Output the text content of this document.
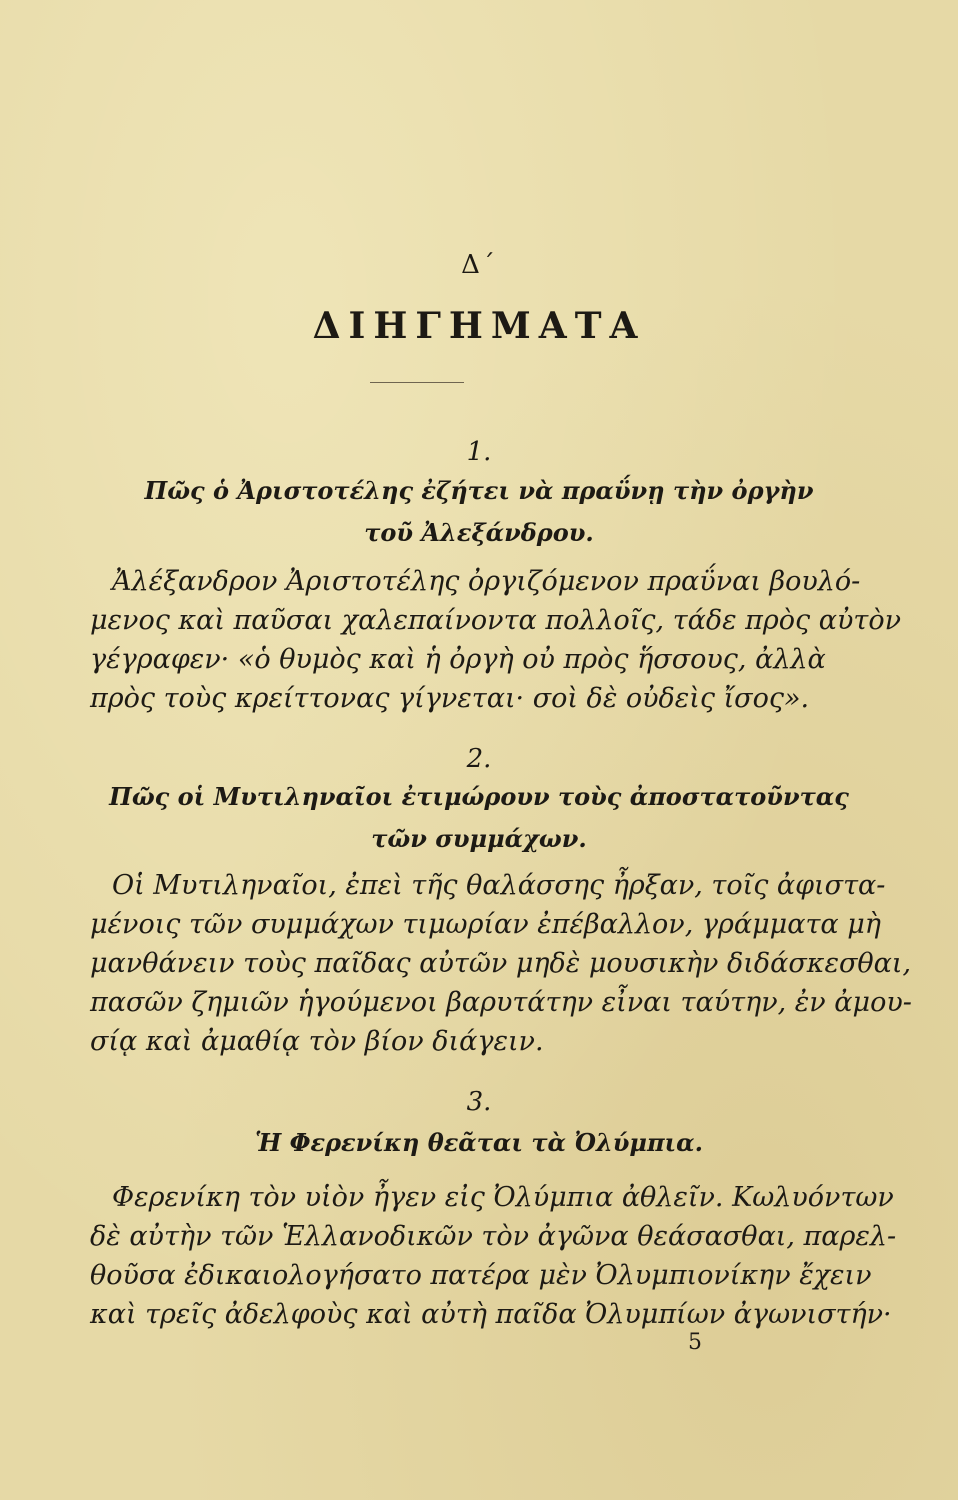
Δ΄
ΔΙΗΓΗΜΑΤΑ
1.
Πῶς ὁ Ἀριστοτέλης ἐζήτει νὰ πραΰνῃ τὴν ὀργὴν
τοῦ Ἀλεξάνδρου.
Ἀλέξανδρον Ἀριστοτέλης ὀργιζόμενον πραΰναι βουλό-
μενος καὶ παῦσαι χαλεπαίνοντα πολλοῖς, τάδε πρὸς αὐτὸν
γέγραφεν· «ὁ θυμὸς καὶ ἡ ὀργὴ οὐ πρὸς ἥσσους, ἀλλὰ
πρὸς τοὺς κρείττονας γίγνεται· σοὶ δὲ οὐδεὶς ἴσος».
2.
Πῶς οἱ Μυτιληναῖοι ἐτιμώρουν τοὺς ἀποστατοῦντας
τῶν συμμάχων.
Οἱ Μυτιληναῖοι, ἐπεὶ τῆς θαλάσσης ἦρξαν, τοῖς ἀφιστα-
μένοις τῶν συμμάχων τιμωρίαν ἐπέβαλλον, γράμματα μὴ
μανθάνειν τοὺς παῖδας αὐτῶν μηδὲ μουσικὴν διδάσκεσθαι,
πασῶν ζημιῶν ἡγούμενοι βαρυτάτην εἶναι ταύτην, ἐν ἀμου-
σίᾳ καὶ ἀμαθίᾳ τὸν βίον διάγειν.
3.
Ἡ Φερενίκη θεᾶται τὰ Ὀλύμπια.
Φερενίκη τὸν υἱὸν ἦγεν εἰς Ὀλύμπια ἀθλεῖν. Κωλυόντων
δὲ αὐτὴν τῶν Ἑλλανοδικῶν τὸν ἀγῶνα θεάσασθαι, παρελ-
θοῦσα ἐδικαιολογήσατο πατέρα μὲν Ὀλυμπιονίκην ἔχειν
καὶ τρεῖς ἀδελφοὺς καὶ αὐτὴ παῖδα Ὀλυμπίων ἀγωνιστήν·
5
